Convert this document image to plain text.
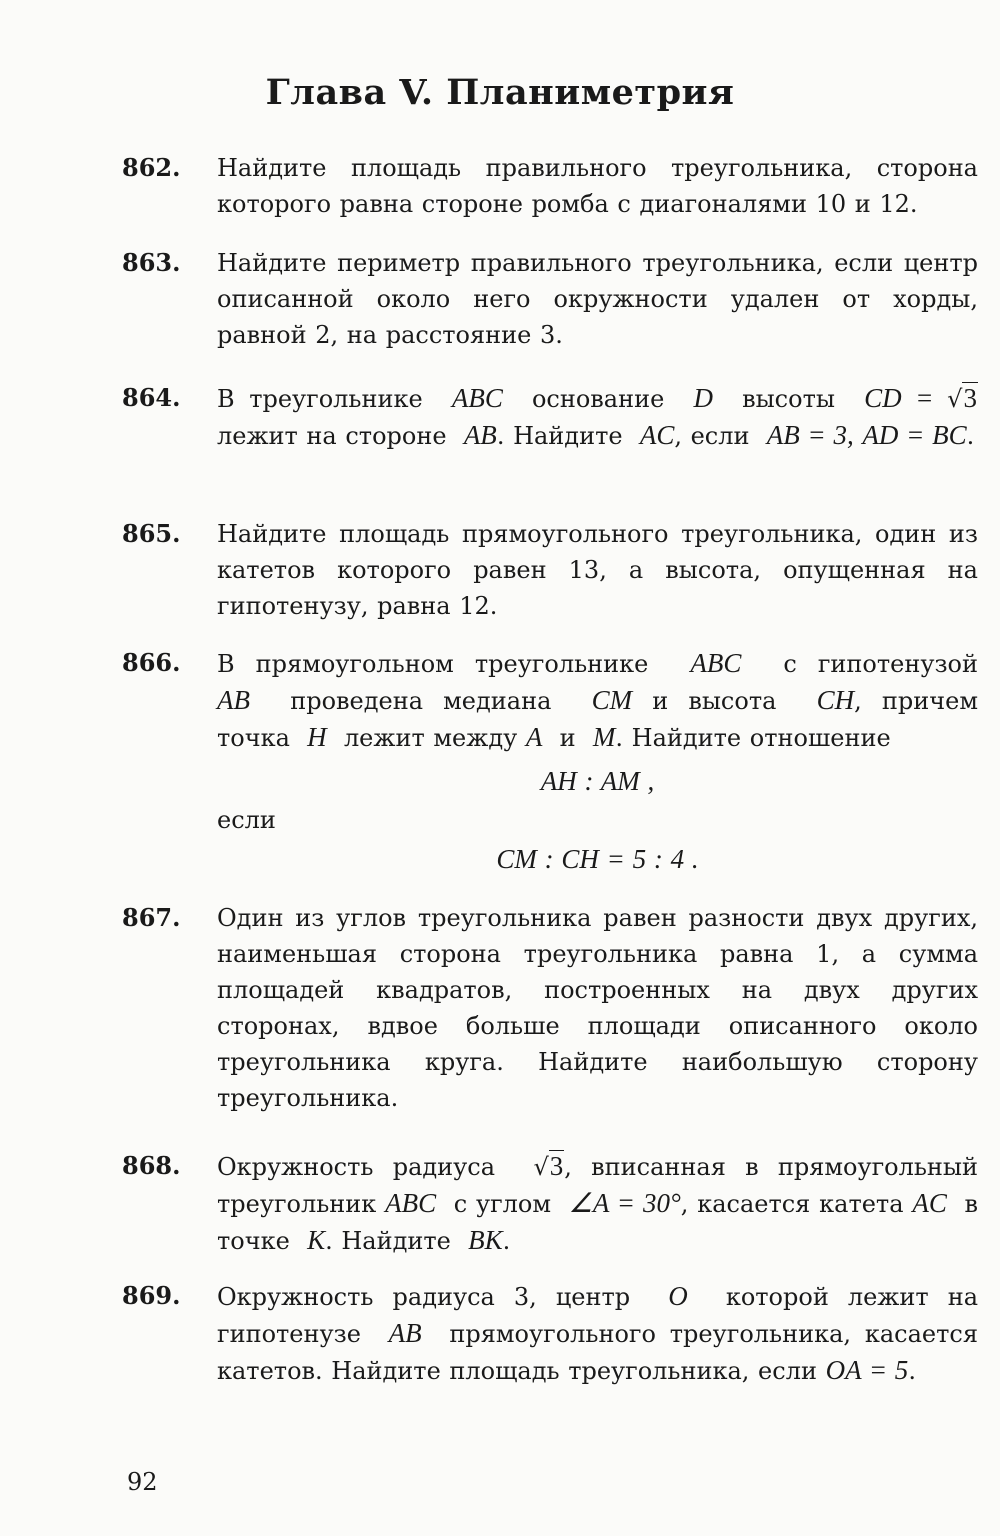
Глава V. Планиметрия
862. Найдите площадь правильного треугольника, сторона которого равна стороне ромба с диагоналями 10 и 12.
863. Найдите периметр правильного треугольника, если центр описанной около него окружности удален от хорды, равной 2, на расстояние 3.
864. В треугольнике ABC основание D высоты CD = √3 лежит на стороне AB. Найдите AC, если AB = 3, AD = BC.
865. Найдите площадь прямоугольного треугольника, один из катетов которого равен 13, а высота, опущенная на гипотенузу, равна 12.
866. В прямоугольном треугольнике ABC с гипотенузой AB проведена медиана CM и высота CH, причем точка H лежит между A и M. Найдите отношение
AH : AM ,
если
CM : CH = 5 : 4 .
867. Один из углов треугольника равен разности двух других, наименьшая сторона треугольника равна 1, а сумма площадей квадратов, построенных на двух других сторонах, вдвое больше площади описанного около треугольника круга. Найдите наибольшую сторону треугольника.
868. Окружность радиуса √3, вписанная в прямоугольный треугольник ABC с углом ∠A = 30°, касается катета AC в точке K. Найдите BK.
869. Окружность радиуса 3, центр O которой лежит на гипотенузе AB прямоугольного треугольника, касается катетов. Найдите площадь треугольника, если OA = 5.
92
